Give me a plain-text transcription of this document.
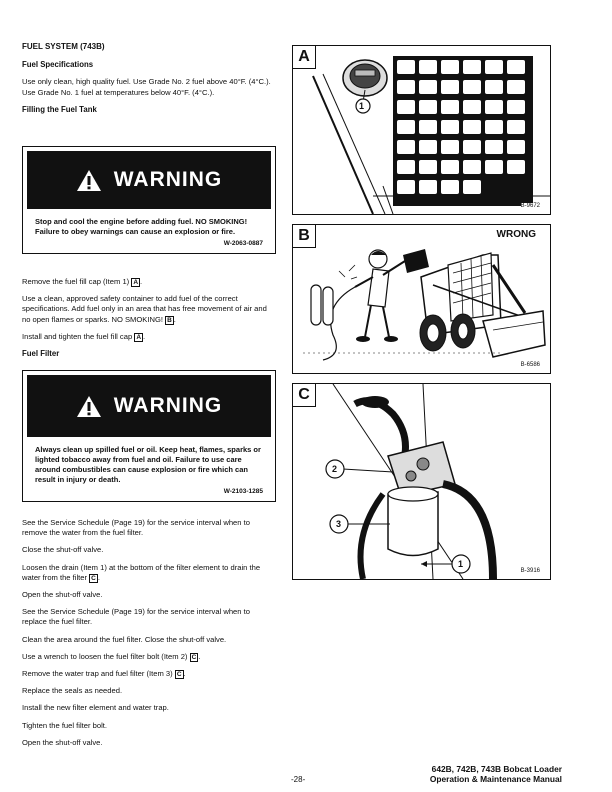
FUEL SYSTEM (743B)
Fuel Specifications
Use only clean, high quality fuel. Use Grade No. 2 fuel above 40°F. (4°C.). Use Grade No. 1 fuel at temperatures below 40°F. (4°C.).
Filling the Fuel Tank
WARNING
Stop and cool the engine before adding fuel. NO SMOKING! Failure to obey warnings can cause an explosion or fire.
W-2063-0887
Remove the fuel fill cap (Item 1) A .
Use a clean, approved safety container to add fuel of the correct specifications. Add fuel only in an area that has free movement of air and no open flames or sparks. NO SMOKING! B .
Install and tighten the fuel fill cap A .
Fuel Filter
WARNING
Always clean up spilled fuel or oil. Keep heat, flames, sparks or lighted tobacco away from fuel and oil. Failure to use care around combustibles can cause explosion or fire which can result in injury or death.
W-2103-1285
See the Service Schedule (Page 19) for the service interval when to remove the water from the fuel filter.
Close the shut-off valve.
Loosen the drain (Item 1) at the bottom of the filter element to drain the water from the filter C .
Open the shut-off valve.
See the Service Schedule (Page 19) for the service interval when to replace the fuel filter.
Clean the area around the fuel filter. Close the shut-off valve.
Use a wrench to loosen the fuel filter bolt (Item 2) C .
Remove the water trap and fuel filter (Item 3) C .
Replace the seals as needed.
Install the new filter element and water trap.
Tighten the fuel filter bolt.
Open the shut-off valve.
A
1
B-9672
B	WRONG
B-6586
C
2
3
1
B-3916
642B, 742B, 743B Bobcat Loader
Operation & Maintenance Manual
-28-
